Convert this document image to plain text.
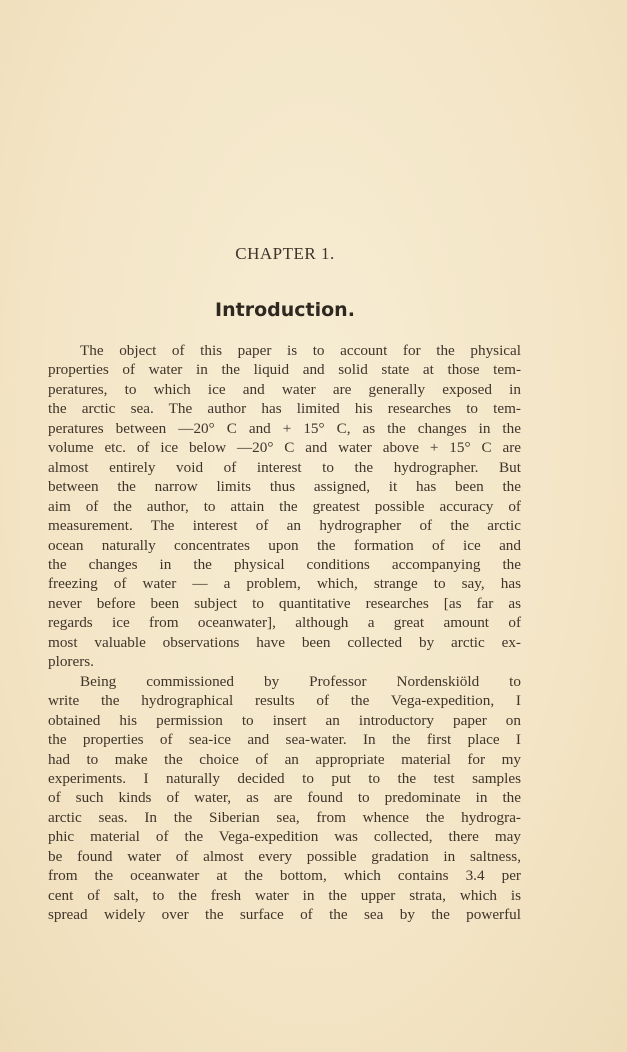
CHAPTER 1.
Introduction.
The object of this paper is to account for the physical
properties of water in the liquid and solid state at those tem-
peratures, to which ice and water are generally exposed in
the arctic sea. The author has limited his researches to tem-
peratures between —20° C and + 15° C, as the changes in the
volume etc. of ice below —20° C and water above + 15° C are
almost entirely void of interest to the hydrographer. But
between the narrow limits thus assigned, it has been the
aim of the author, to attain the greatest possible accuracy of
measurement. The interest of an hydrographer of the arctic
ocean naturally concentrates upon the formation of ice and
the changes in the physical conditions accompanying the
freezing of water — a problem, which, strange to say, has
never before been subject to quantitative researches [as far as
regards ice from oceanwater], although a great amount of
most valuable observations have been collected by arctic ex-
plorers.
Being commissioned by Professor Nordenskiöld to
write the hydrographical results of the Vega-expedition, I
obtained his permission to insert an introductory paper on
the properties of sea-ice and sea-water. In the first place I
had to make the choice of an appropriate material for my
experiments. I naturally decided to put to the test samples
of such kinds of water, as are found to predominate in the
arctic seas. In the Siberian sea, from whence the hydrogra-
phic material of the Vega-expedition was collected, there may
be found water of almost every possible gradation in saltness,
from the oceanwater at the bottom, which contains 3.4 per
cent of salt, to the fresh water in the upper strata, which is
spread widely over the surface of the sea by the powerful
